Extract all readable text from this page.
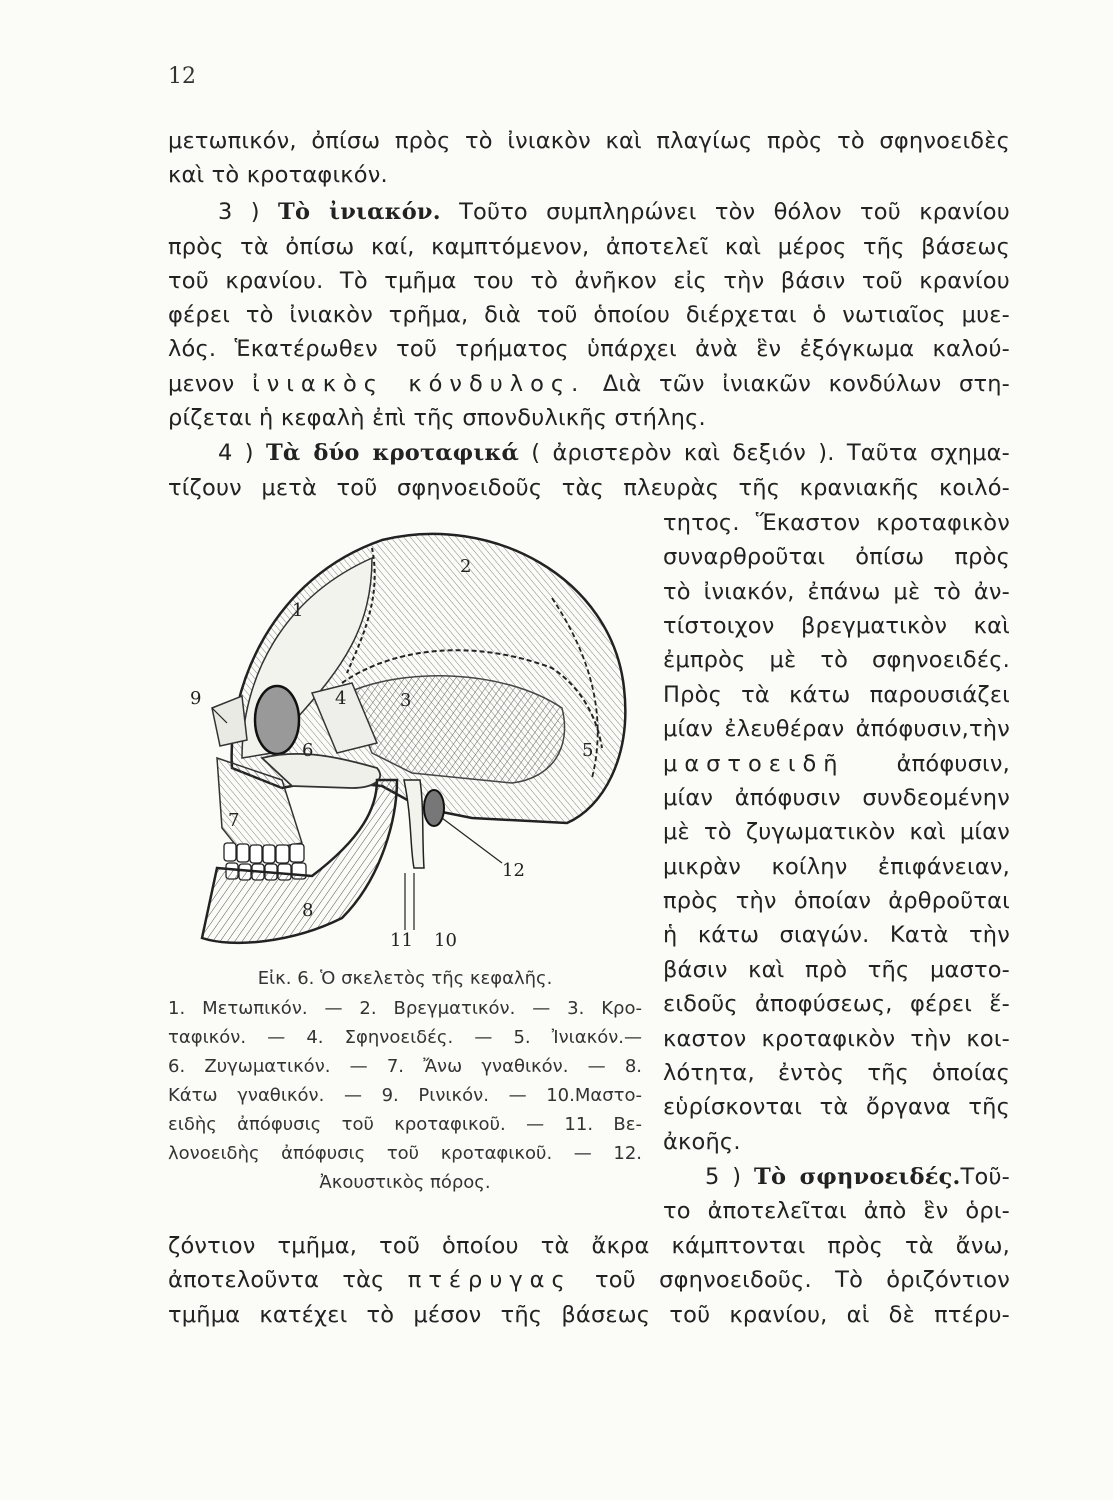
12
μετωπικόν, ὀπίσω πρὸς τὸ ἰνιακὸν καὶ πλαγίως πρὸς τὸ σφηνοειδὲς
καὶ τὸ κροταφικόν.
3 ) Τὸ ἰνιακόν. Τοῦτο συμπληρώνει τὸν θόλον τοῦ κρανίου
πρὸς τὰ ὀπίσω καί, καμπτόμενον, ἀποτελεῖ καὶ μέρος τῆς βάσεως
τοῦ κρανίου. Τὸ τμῆμα του τὸ ἀνῆκον εἰς τὴν βάσιν τοῦ κρανίου
φέρει τὸ ἰνιακὸν τρῆμα, διὰ τοῦ ὁποίου διέρχεται ὁ νωτιαῖος μυε-
λός. Ἑκατέρωθεν τοῦ τρήματος ὑπάρχει ἀνὰ ἓν ἐξόγκωμα καλού-
μενον ἰνιακὸς κόνδυλος. Διὰ τῶν ἰνιακῶν κονδύλων στη-
ρίζεται ἡ κεφαλὴ ἐπὶ τῆς σπονδυλικῆς στήλης.
4 ) Τὰ δύο κροταφικά ( ἀριστερὸν καὶ δεξιόν ). Ταῦτα σχημα-
τίζουν μετὰ τοῦ σφηνοειδοῦς τὰς πλευρὰς τῆς κρανιακῆς κοιλό-
τητος. Ἕκαστον κροταφικὸν
συναρθροῦται ὀπίσω πρὸς
τὸ ἰνιακόν, ἐπάνω μὲ τὸ ἀν-
τίστοιχον βρεγματικὸν καὶ
ἐμπρὸς μὲ τὸ σφηνοειδές.
Πρὸς τὰ κάτω παρουσιάζει
μίαν ἐλευθέραν ἀπόφυσιν,τὴν
μαστοειδῆ ἀπόφυσιν,
μίαν ἀπόφυσιν συνδεομένην
μὲ τὸ ζυγωματικὸν καὶ μίαν
μικρὰν κοίλην ἐπιφάνειαν,
πρὸς τὴν ὁποίαν ἀρθροῦται
ἡ κάτω σιαγών. Κατὰ τὴν
βάσιν καὶ πρὸ τῆς μαστο-
ειδοῦς ἀποφύσεως, φέρει ἕ-
καστον κροταφικὸν τὴν κοι-
λότητα, ἐντὸς τῆς ὁποίας
εὑρίσκονται τὰ ὄργανα τῆς
ἀκοῆς.
5 ) Τὸ σφηνοειδές.Τοῦ-
το ἀποτελεῖται ἀπὸ ἓν ὁρι-
ζόντιον τμῆμα, τοῦ ὁποίου τὰ ἄκρα κάμπτονται πρὸς τὰ ἄνω,
ἀποτελοῦντα τὰς πτέρυγας τοῦ σφηνοειδοῦς. Τὸ ὁριζόντιον
τμῆμα κατέχει τὸ μέσον τῆς βάσεως τοῦ κρανίου, αἱ δὲ πτέρυ-
1
2
3
4
5
6
7
8
9
10
11
12
Εἰκ. 6. Ὁ σκελετὸς τῆς κεφαλῆς.
1. Μετωπικόν. — 2. Βρεγματικόν. — 3. Κρο-
ταφικόν. — 4. Σφηνοειδές. — 5. Ἰνιακόν.—
6. Ζυγωματικόν. — 7. Ἄνω γναθικόν. — 8.
Κάτω γναθικόν. — 9. Ρινικόν. — 10.Μαστο-
ειδὴς ἀπόφυσις τοῦ κροταφικοῦ. — 11. Βε-
λονοειδὴς ἀπόφυσις τοῦ κροταφικοῦ. — 12.
Ἀκουστικὸς πόρος.
